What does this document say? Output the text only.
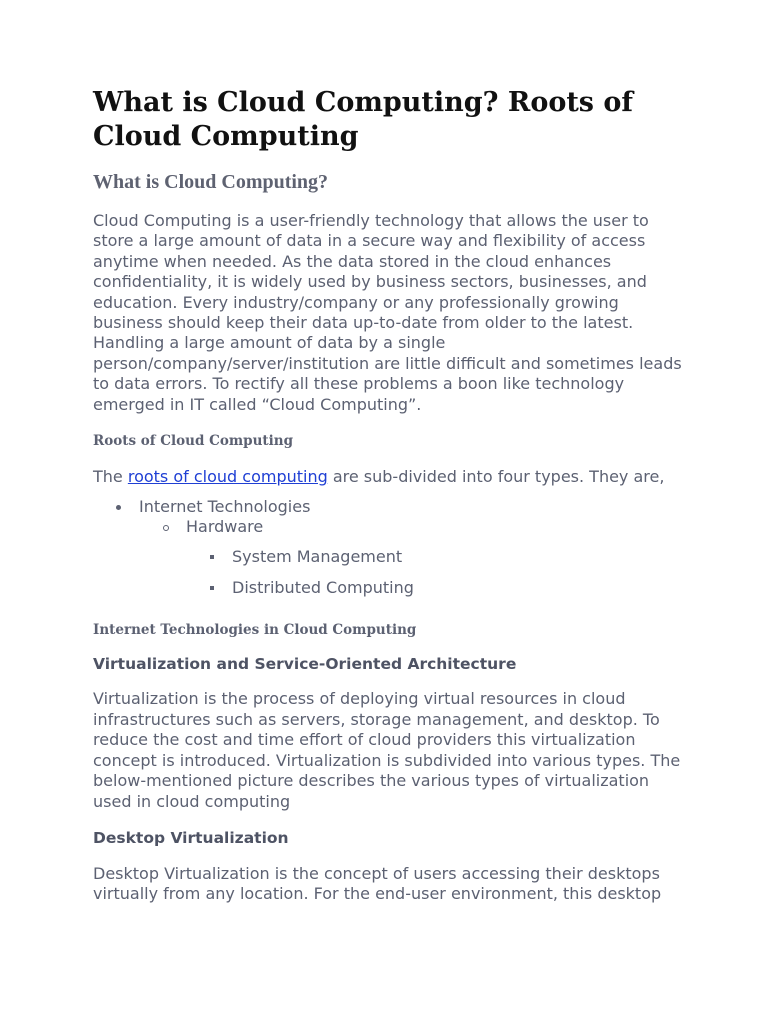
What is Cloud Computing? Roots of Cloud Computing
What is Cloud Computing?

Cloud Computing is a user-friendly technology that allows the user to store a large amount of data in a secure way and flexibility of access anytime when needed. As the data stored in the cloud enhances confidentiality, it is widely used by business sectors, businesses, and education. Every industry/company or any professionally growing business should keep their data up-to-date from older to the latest. Handling a large amount of data by a single person/company/server/institution are little difficult and sometimes leads to data errors. To rectify all these problems a boon like technology emerged in IT called “Cloud Computing”.

Roots of Cloud Computing

The roots of cloud computing are sub-divided into four types. They are,

Internet Technologies
Hardware
System Management
Distributed Computing
Internet Technologies in Cloud Computing
Virtualization and Service-Oriented Architecture

Virtualization is the process of deploying virtual resources in cloud infrastructures such as servers, storage management, and desktop. To reduce the cost and time effort of cloud providers this virtualization concept is introduced. Virtualization is subdivided into various types. The below-mentioned picture describes the various types of virtualization used in cloud computing

Desktop Virtualization

Desktop Virtualization is the concept of users accessing their desktops virtually from any location. For the end-user environment, this desktop
